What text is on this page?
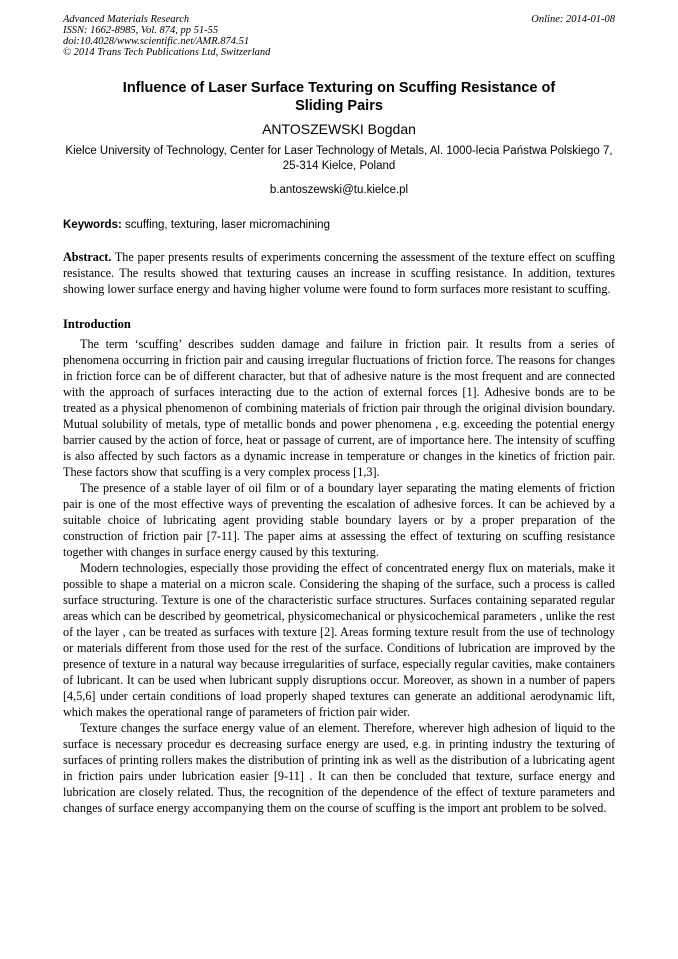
Advanced Materials Research
ISSN: 1662-8985, Vol. 874, pp 51-55
doi:10.4028/www.scientific.net/AMR.874.51
© 2014 Trans Tech Publications Ltd, Switzerland
Online: 2014-01-08
Influence of Laser Surface Texturing on Scuffing Resistance of Sliding Pairs
ANTOSZEWSKI Bogdan
Kielce University of Technology, Center for Laser Technology of Metals, Al. 1000-lecia Państwa Polskiego 7, 25-314 Kielce, Poland
b.antoszewski@tu.kielce.pl
Keywords: scuffing, texturing, laser micromachining
Abstract. The paper presents results of experiments concerning the assessment of the texture effect on scuffing resistance. The results showed that texturing causes an increase in scuffing resistance. In addition, textures showing lower surface energy and having higher volume were found to form surfaces more resistant to scuffing.
Introduction

The term ‘scuffing’ describes sudden damage and failure in friction pair. It results from a series of phenomena occurring in friction pair and causing irregular fluctuations of friction force. The reasons for changes in friction force can be of different character, but that of adhesive nature is the most frequent and are connected with the approach of surfaces interacting due to the action of external forces [1]. Adhesive bonds are to be treated as a physical phenomenon of combining materials of friction pair through the original division boundary. Mutual solubility of metals, type of metallic bonds and power phenomena , e.g. exceeding the potential energy barrier caused by the action of force, heat or passage of current, are of importance here. The intensity of scuffing is also affected by such factors as a dynamic increase in temperature or changes in the kinetics of friction pair. These factors show that scuffing is a very complex process [1,3].

The presence of a stable layer of oil film or of a boundary layer separating the mating elements of friction pair is one of the most effective ways of preventing the escalation of adhesive forces. It can be achieved by a suitable choice of lubricating agent providing stable boundary layers or by a proper preparation of the construction of friction pair [7-11]. The paper aims at assessing the effect of texturing on scuffing resistance together with changes in surface energy caused by this texturing.

Modern technologies, especially those providing the effect of concentrated energy flux on materials, make it possible to shape a material on a micron scale. Considering the shaping of the surface, such a process is called surface structuring. Texture is one of the characteristic surface structures. Surfaces containing separated regular areas which can be described by geometrical, physicomechanical or physicochemical parameters , unlike the rest of the layer , can be treated as surfaces with texture [2]. Areas forming texture result from the use of technology or materials different from those used for the rest of the surface. Conditions of lubrication are improved by the presence of texture in a natural way because irregularities of surface, especially regular cavities, make containers of lubricant. It can be used when lubricant supply disruptions occur. Moreover, as shown in a number of papers [4,5,6] under certain conditions of load properly shaped textures can generate an additional aerodynamic lift, which makes the operational range of parameters of friction pair wider.

Texture changes the surface energy value of an element. Therefore, wherever high adhesion of liquid to the surface is necessary procedur es decreasing surface energy are used, e.g. in printing industry the texturing of surfaces of printing rollers makes the distribution of printing ink as well as the distribution of a lubricating agent in friction pairs under lubrication easier [9-11] . It can then be concluded that texture, surface energy and lubrication are closely related. Thus, the recognition of the dependence of the effect of texture parameters and changes of surface energy accompanying them on the course of scuffing is the import ant problem to be solved.
